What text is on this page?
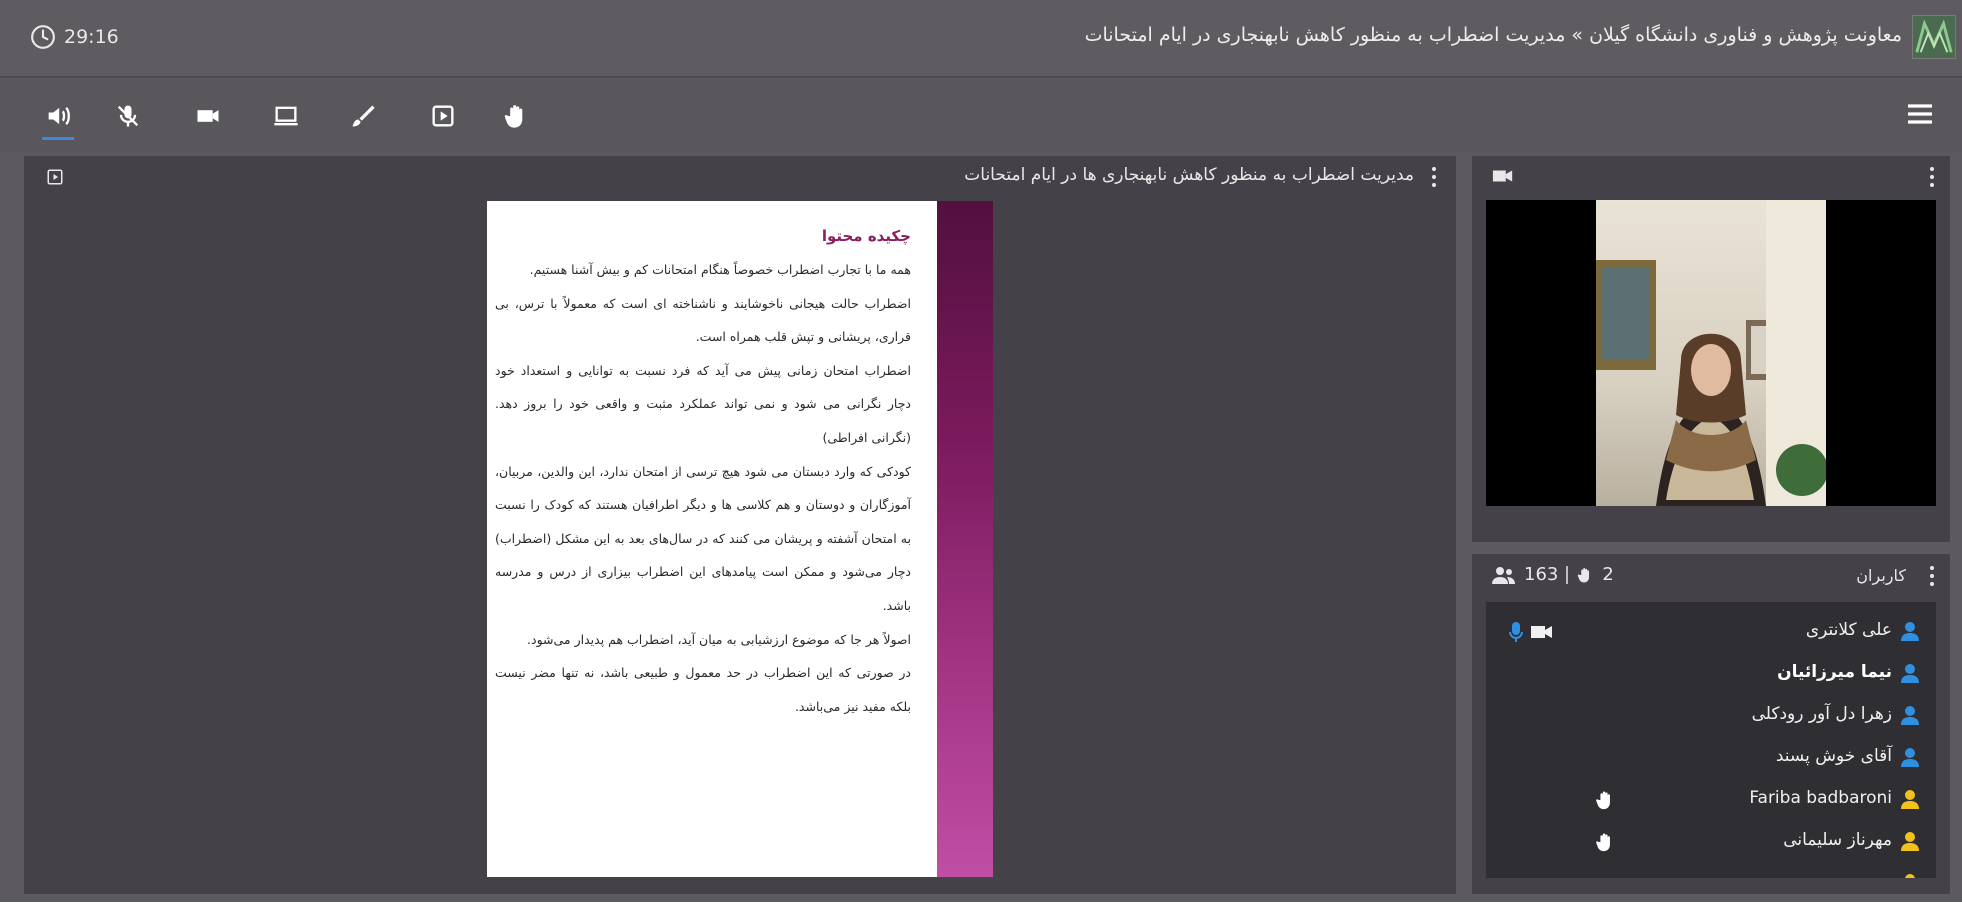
29:16	معاونت پژوهش و فناوری دانشگاه گیلان » مدیریت اضطراب به منظور کاهش نابهنجاری در ایام امتحانات
مدیریت اضطراب به منظور کاهش نابهنجاری ها در ایام امتحانات
چکیده محتوا
همه ما با تجارب اضطراب خصوصاً هنگام امتحانات کم و بیش آشنا هستیم.
اضطراب حالت هیجانی ناخوشایند و ناشناخته ای است که معمولاً با ترس، بی قراری، پریشانی و تپش قلب همراه است.
اضطراب امتحان زمانی پیش می آید که فرد نسبت به توانایی و استعداد خود دچار نگرانی می شود و نمی تواند عملکرد مثبت و واقعی خود را بروز دهد. (نگرانی افراطی)
کودکی که وارد دبستان می شود هیچ ترسی از امتحان ندارد، این والدین، مربیان، آموزگاران و دوستان و هم کلاسی ها و دیگر اطرافیان هستند که کودک را نسبت به امتحان آشفته و پریشان می کنند که در سال‌های بعد به این مشکل (اضطراب) دچار می‌شود و ممکن است پیامدهای این اضطراب بیزاری از درس و مدرسه باشد.
اصولاً هر جا که موضوع ارزشیابی به میان آید، اضطراب هم پدیدار می‌شود.
در صورتی که این اضطراب در حد معمول و طبیعی باشد، نه تنها مضر نیست بلکه مفید نیز می‌باشد.
163 2	کاربران
علی کلانتری
نیما میرزائیان
زهرا دل آور رودکلی
آقای خوش پسند
Fariba badbaroni
مهرناز سلیمانی
